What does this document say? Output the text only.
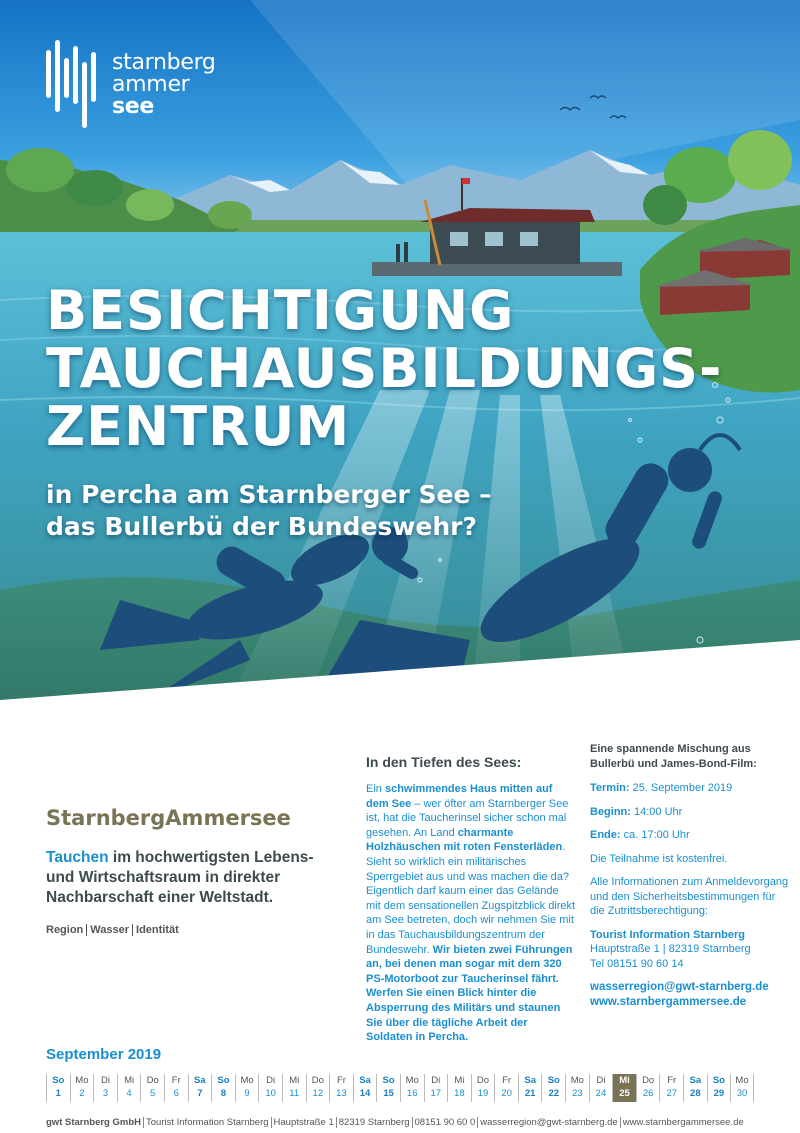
starnberg
ammer
see
BESICHTIGUNG
TAUCHAUSBILDUNGS-
ZENTRUM
in Percha am Starnberger See –
das Bullerbü der Bundeswehr?
StarnbergAmmersee
Tauchen im hochwertigsten Lebens- und Wirtschaftsraum in direkter Nachbarschaft einer Weltstadt.
Region Wasser Identität
In den Tiefen des Sees:
Ein schwimmendes Haus mitten auf dem See – wer öfter am Starnberger See ist, hat die Taucherinsel sicher schon mal gesehen. An Land charmante Holzhäuschen mit roten Fensterläden. Sieht so wirklich ein militärisches Sperrgebiet aus und was machen die da? Eigentlich darf kaum einer das Gelände mit dem sensationellen Zugspitzblick direkt am See betreten, doch wir nehmen Sie mit in das Tauchausbildungszentrum der Bundeswehr. Wir bieten zwei Führungen an, bei denen man sogar mit dem 320 PS-Motorboot zur Taucherinsel fährt. Werfen Sie einen Blick hinter die Absperrung des Militärs und staunen Sie über die tägliche Arbeit der Soldaten in Percha.
Eine spannende Mischung aus Bullerbü und James-Bond-Film:
Termin: 25. September 2019
Beginn: 14:00 Uhr
Ende: ca. 17:00 Uhr
Die Teilnahme ist kostenfrei.
Alle Informationen zum Anmeldevorgang und den Sicherheitsbestimmungen für die Zutrittsberechtigung:
Tourist Information Starnberg
Hauptstraße 1 | 82319 Starnberg
Tel 08151 90 60 14
wasserregion@gwt-starnberg.de
www.starnbergammersee.de
September 2019
So
1
Mo
2
Di
3
Mi
4
Do
5
Fr
6
Sa
7
So
8
Mo
9
Di
10
Mi
11
Do
12
Fr
13
Sa
14
So
15
Mo
16
Di
17
Mi
18
Do
19
Fr
20
Sa
21
So
22
Mo
23
Di
24
Mi
25
Do
26
Fr
27
Sa
28
So
29
Mo
30
gwt Starnberg GmbH Tourist Information Starnberg Hauptstraße 1 82319 Starnberg 08151 90 60 0 wasserregion@gwt-starnberg.de www.starnbergammersee.de
